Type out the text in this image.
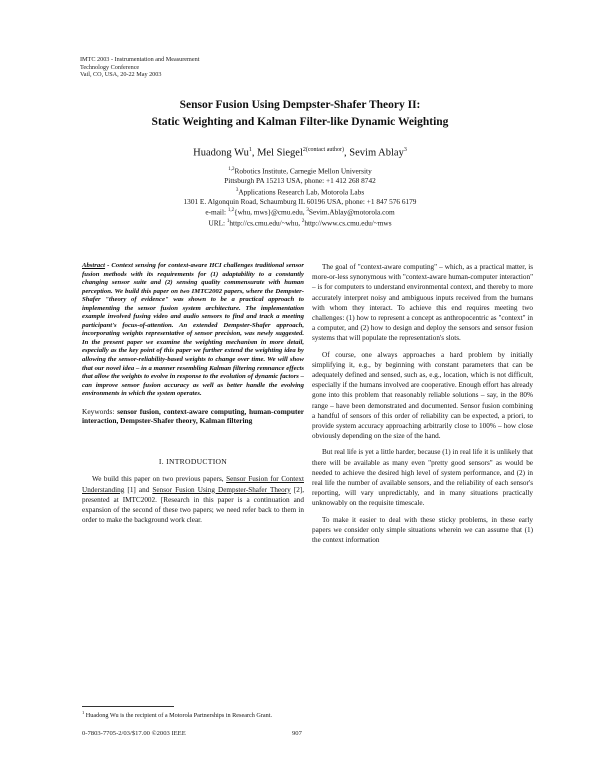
IMTC 2003 - Instrumentation and Measurement
Technology Conference
Vail, CO, USA, 20-22 May 2003
Sensor Fusion Using Dempster-Shafer Theory II:
Static Weighting and Kalman Filter-like Dynamic Weighting
Huadong Wu$^1$, Mel Siegel$^{2(contact author)}$, Sevim Ablay$^3$
$^{1,2}$Robotics Institute, Carnegie Mellon University
Pittsburgh PA 15213 USA, phone: +1 412 268 8742
$^3$Applications Research Lab, Motorola Labs
1301 E. Algonquin Road, Schaumburg IL 60196 USA, phone: +1 847 576 6179
e-mail: $^{1,2}${whu, mws}@cmu.edu, $^3$Sevim.Ablay@motorola.com
URL: $^1$http://cs.cmu.edu/~whu, $^2$http://www.cs.cmu.edu/~mws
Abstract - Context sensing for context-aware HCI challenges traditional sensor fusion methods with its requirements for (1) adaptability to a constantly changing sensor suite and (2) sensing quality commensurate with human perception. We build this paper on two IMTC2002 papers, where the Dempster-Shafer "theory of evidence" was shown to be a practical approach to implementing the sensor fusion system architecture. The implementation example involved fusing video and audio sensors to find and track a meeting participant's focus-of-attention. An extended Dempster-Shafer approach, incorporating weights representative of sensor precision, was newly suggested. In the present paper we examine the weighting mechanism in more detail, especially as the key point of this paper we further extend the weighting idea by allowing the sensor-reliability-based weights to change over time. We will show that our novel idea – in a manner resembling Kalman filtering remnance effects that allow the weights to evolve in response to the evolution of dynamic factors – can improve sensor fusion accuracy as well as better handle the evolving environments in which the system operates.
Keywords: sensor fusion, context-aware computing, human-computer interaction, Dempster-Shafer theory, Kalman filtering
I. INTRODUCTION

We build this paper on two previous papers, Sensor Fusion for Context Understanding [1] and Sensor Fusion Using Dempster-Shafer Theory [2], presented at IMTC2002. [Research in this paper is a continuation and expansion of the second of these two papers; we need refer back to them in order to make the background work clear.

The goal of "context-aware computing" – which, as a practical matter, is more-or-less synonymous with "context-aware human-computer interaction" – is for computers to understand environmental context, and thereby to more accurately interpret noisy and ambiguous inputs received from the humans with whom they interact. To achieve this end requires meeting two challenges: (1) how to represent a concept as anthropocentric as "context" in a computer, and (2) how to design and deploy the sensors and sensor fusion systems that will populate the representation's slots.

Of course, one always approaches a hard problem by initially simplifying it, e.g., by beginning with constant parameters that can be adequately defined and sensed, such as, e.g., location, which is not difficult, especially if the humans involved are cooperative. Enough effort has already gone into this problem that reasonably reliable solutions – say, in the 80% range – have been demonstrated and documented. Sensor fusion combining a handful of sensors of this order of reliability can be expected, a priori, to provide system accuracy approaching arbitrarily close to 100% – how close obviously depending on the size of the hand.

But real life is yet a little harder, because (1) in real life it is unlikely that there will be available as many even "pretty good sensors" as would be needed to achieve the desired high level of system performance, and (2) in real life the number of available sensors, and the reliability of each sensor's reporting, will vary unpredictably, and in many situations practically unknowably on the requisite timescale.

To make it easier to deal with these sticky problems, in these early papers we consider only simple situations wherein we can assume that (1) the context information

$^1$ Huadong Wu is the recipient of a Motorola Partnerships in Research Grant.
0-7803-7705-2/03/$17.00 ©2003 IEEE	907
